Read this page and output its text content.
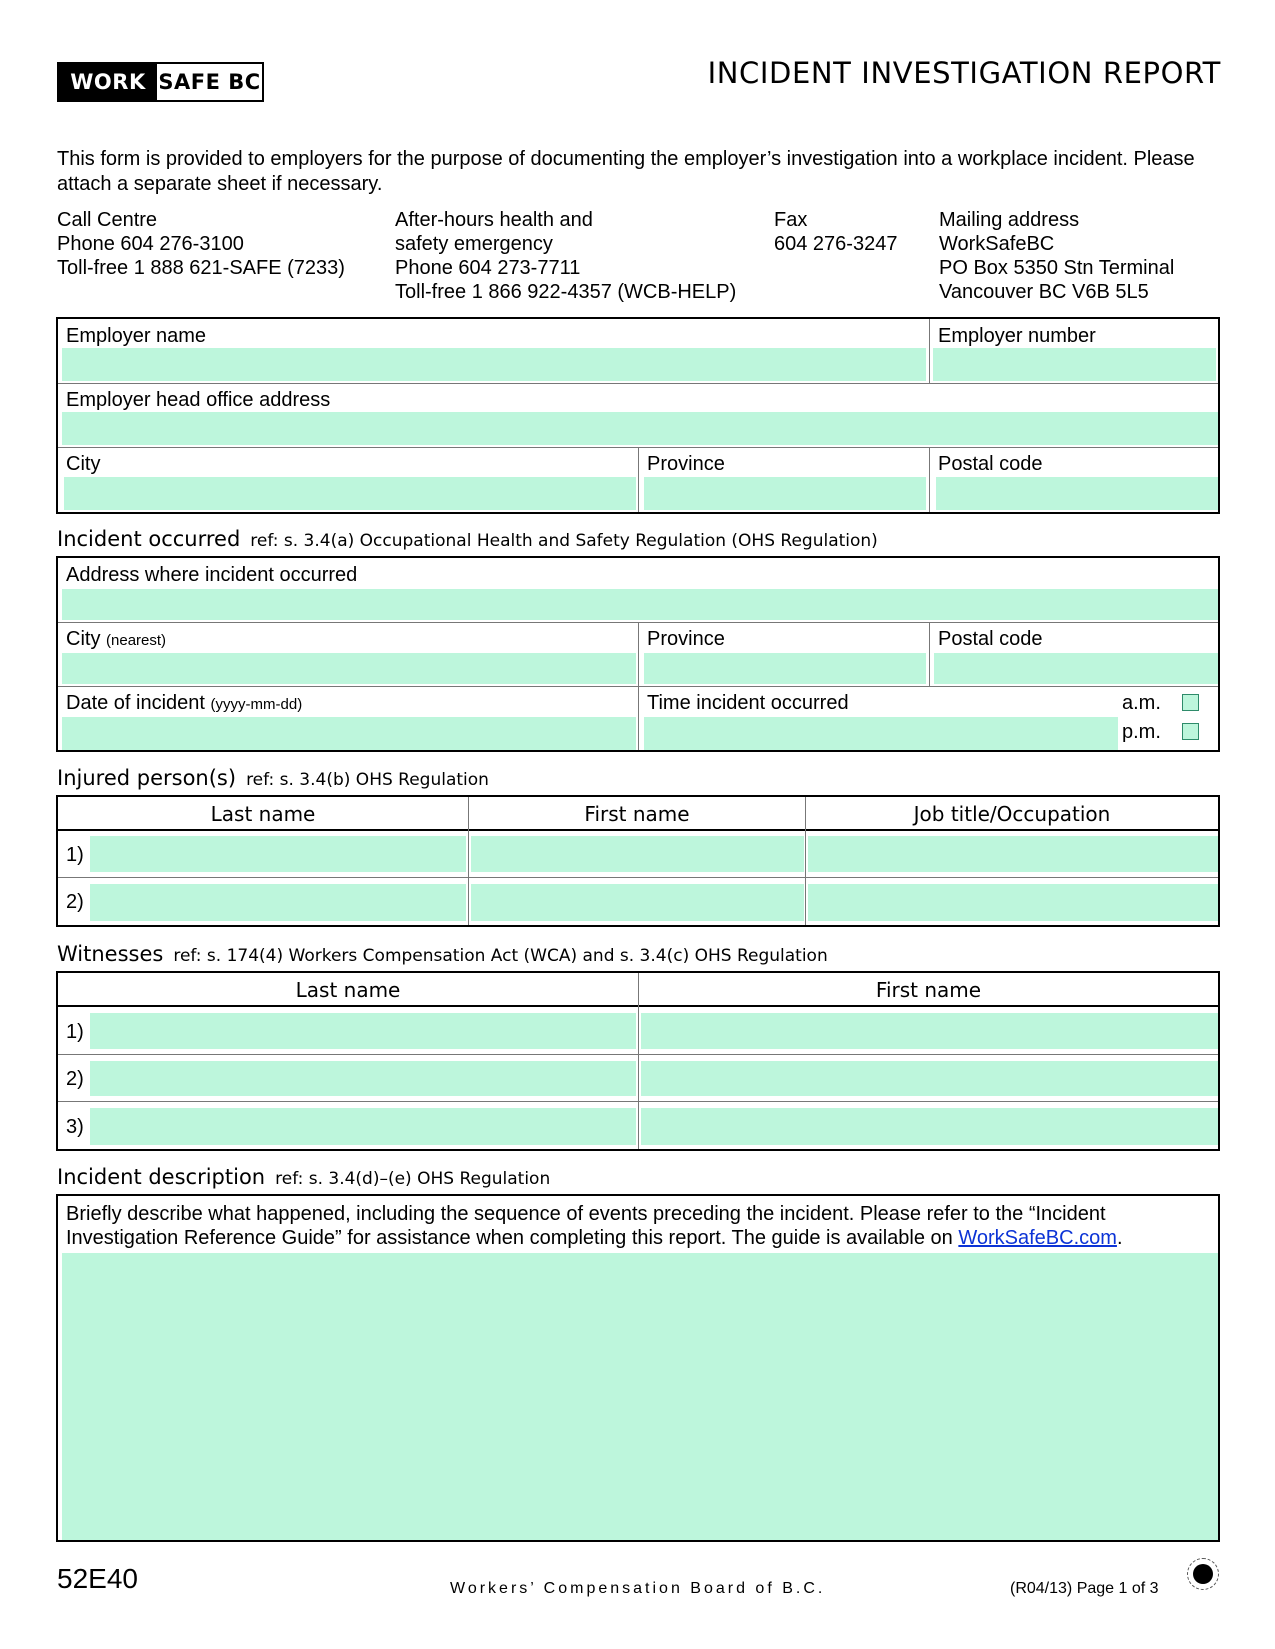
WORK SAFE BC	INCIDENT INVESTIGATION REPORT
This form is provided to employers for the purpose of documenting the employer’s investigation into a workplace incident. Please attach a separate sheet if necessary.
Call Centre
Phone 604 276-3100
Toll-free 1 888 621-SAFE (7233)
After-hours health and
safety emergency
Phone 604 273-7711
Toll-free 1 866 922-4357 (WCB-HELP)
Fax
604 276-3247
Mailing address
WorkSafeBC
PO Box 5350 Stn Terminal
Vancouver BC V6B 5L5
Employer name	Employer number
Employer head office address
City	Province	Postal code
Incident occurred ref: s. 3.4(a) Occupational Health and Safety Regulation (OHS Regulation)
Address where incident occurred
City (nearest)	Province	Postal code
Date of incident (yyyy-mm-dd)	Time incident occurred	a.m.
p.m.
Injured person(s) ref: s. 3.4(b) OHS Regulation
Last name	First name	Job title/Occupation
1)
2)
Witnesses ref: s. 174(4) Workers Compensation Act (WCA) and s. 3.4(c) OHS Regulation
Last name	First name
1)
2)
3)
Incident description ref: s. 3.4(d)–(e) OHS Regulation
Briefly describe what happened, including the sequence of events preceding the incident. Please refer to the “Incident Investigation Reference Guide” for assistance when completing this report. The guide is available on WorkSafeBC.com.
52E40	Workers’ Compensation Board of B.C.	(R04/13) Page 1 of 3
